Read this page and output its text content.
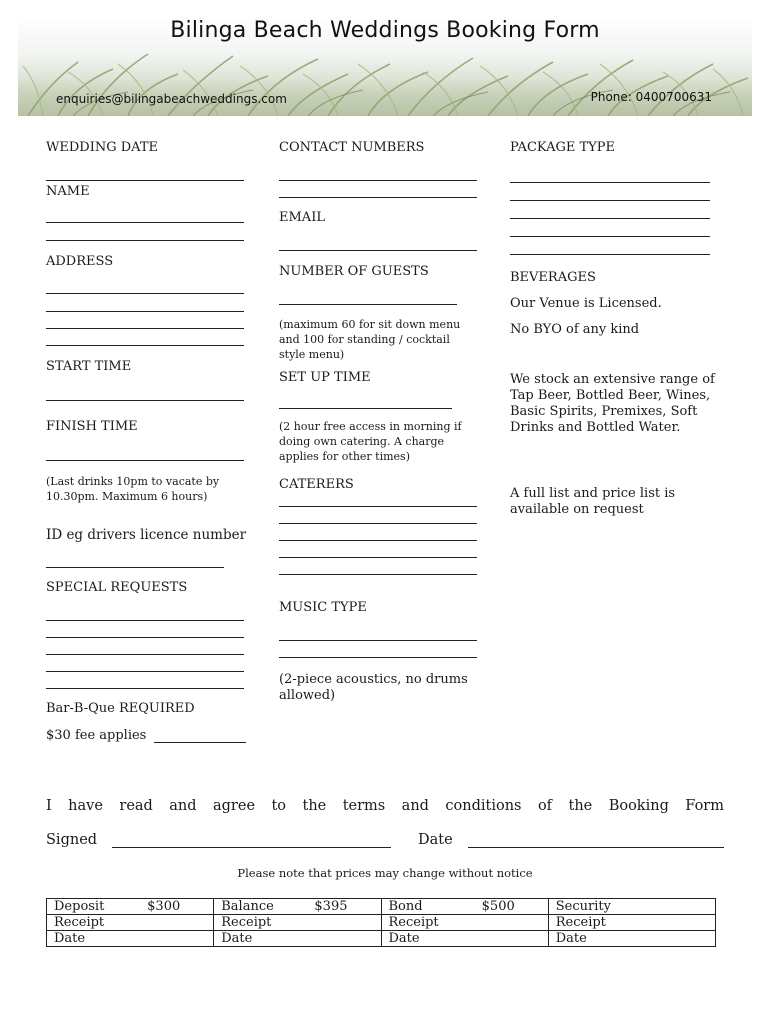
Bilinga Beach Weddings Booking Form
enquiries@bilingabeachweddings.com	Phone: 0400700631
WEDDING DATE
NAME
ADDRESS
START TIME
FINISH TIME
(Last drinks 10pm to vacate by 10.30pm. Maximum 6 hours)
ID eg drivers licence number
SPECIAL REQUESTS
Bar-B-Que REQUIRED
$30 fee applies
CONTACT NUMBERS
EMAIL
NUMBER OF GUESTS
(maximum 60 for sit down menu and 100 for standing / cocktail style menu)
SET UP TIME
(2 hour free access in morning if doing own catering. A charge applies for other times)
CATERERS
MUSIC TYPE
(2-piece acoustics, no drums allowed)
PACKAGE TYPE
BEVERAGES
Our Venue is Licensed.
No BYO of any kind
We stock an extensive range of Tap Beer, Bottled Beer, Wines, Basic Spirits, Premixes, Soft Drinks and Bottled Water.
A full list and price list is available on request
I have read and agree to the terms and conditions of the Booking Form
Signed	Date
Please note that prices may change without notice
Deposit $300	Balance $395	Bond $500	Security

Receipt	Receipt	Receipt	Receipt
Date	Date	Date	Date
